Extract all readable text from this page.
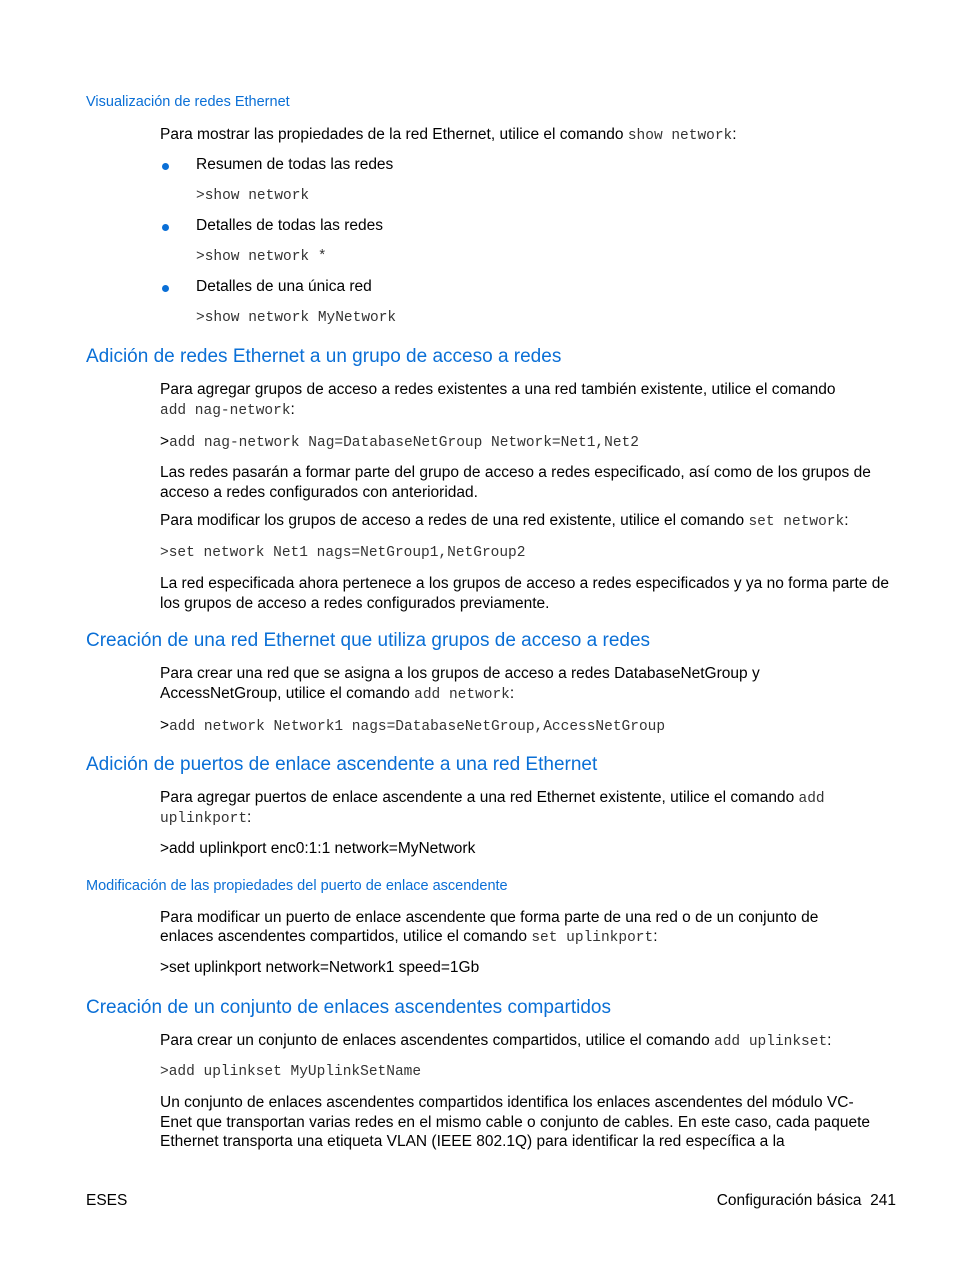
Visualización de redes Ethernet

Para mostrar las propiedades de la red Ethernet, utilice el comando show network:

Resumen de todas las redes

>show network

Detalles de todas las redes

>show network *

Detalles de una única red

>show network MyNetwork

Adición de redes Ethernet a un grupo de acceso a redes

Para agregar grupos de acceso a redes existentes a una red también existente, utilice el comando

add nag-network:

>add nag-network Nag=DatabaseNetGroup Network=Net1,Net2

Las redes pasarán a formar parte del grupo de acceso a redes especificado, así como de los grupos de acceso a redes configurados con anterioridad.

Para modificar los grupos de acceso a redes de una red existente, utilice el comando set network:

>set network Net1 nags=NetGroup1,NetGroup2

La red especificada ahora pertenece a los grupos de acceso a redes especificados y ya no forma parte de los grupos de acceso a redes configurados previamente.

Creación de una red Ethernet que utiliza grupos de acceso a redes

Para crear una red que se asigna a los grupos de acceso a redes DatabaseNetGroup y

AccessNetGroup, utilice el comando add network:

>add network Network1 nags=DatabaseNetGroup,AccessNetGroup

Adición de puertos de enlace ascendente a una red Ethernet

Para agregar puertos de enlace ascendente a una red Ethernet existente, utilice el comando add

uplinkport:

>add uplinkport enc0:1:1 network=MyNetwork

Modificación de las propiedades del puerto de enlace ascendente

Para modificar un puerto de enlace ascendente que forma parte de una red o de un conjunto de

enlaces ascendentes compartidos, utilice el comando set uplinkport:

>set uplinkport network=Network1 speed=1Gb

Creación de un conjunto de enlaces ascendentes compartidos

Para crear un conjunto de enlaces ascendentes compartidos, utilice el comando add uplinkset:

>add uplinkset MyUplinkSetName

Un conjunto de enlaces ascendentes compartidos identifica los enlaces ascendentes del módulo VC-Enet que transportan varias redes en el mismo cable o conjunto de cables. En este caso, cada paquete Ethernet transporta una etiqueta VLAN (IEEE 802.1Q) para identificar la red específica a la

ESES	Configuración básica 241
